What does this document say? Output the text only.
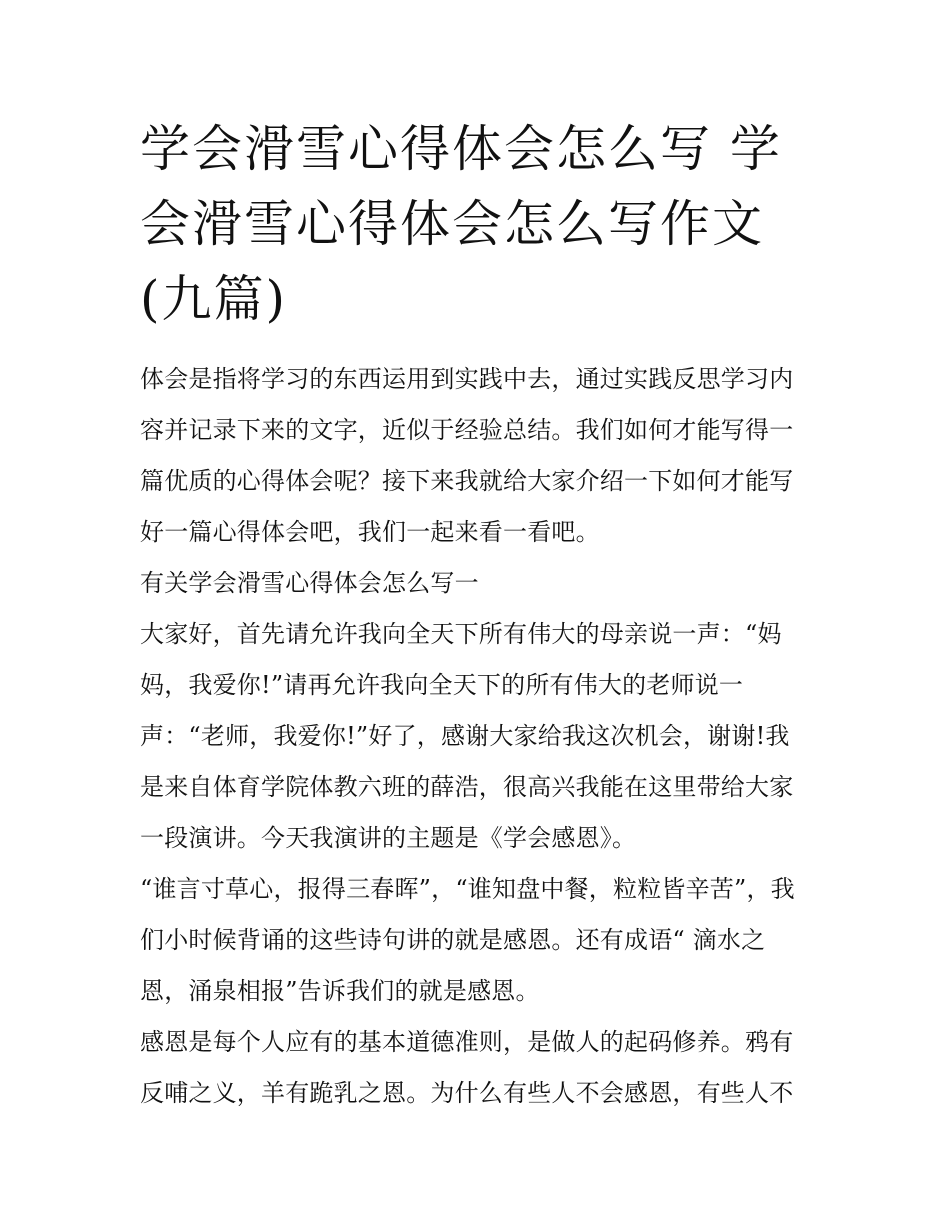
学会滑雪心得体会怎么写 学会滑雪心得体会怎么写作文(九篇)
体会是指将学习的东西运用到实践中去，通过实践反思学习内
容并记录下来的文字，近似于经验总结。我们如何才能写得一
篇优质的心得体会呢？接下来我就给大家介绍一下如何才能写
好一篇心得体会吧，我们一起来看一看吧。
有关学会滑雪心得体会怎么写一
大家好，首先请允许我向全天下所有伟大的母亲说一声：“妈
妈，我爱你!”请再允许我向全天下的所有伟大的老师说一
声：“老师，我爱你!”好了，感谢大家给我这次机会，谢谢!我
是来自体育学院体教六班的薛浩，很高兴我能在这里带给大家
一段演讲。今天我演讲的主题是《学会感恩》。
“谁言寸草心，报得三春晖”，“谁知盘中餐，粒粒皆辛苦”，我
们小时候背诵的这些诗句讲的就是感恩。还有成语“ 滴水之
恩，涌泉相报”告诉我们的就是感恩。
感恩是每个人应有的基本道德准则，是做人的起码修养。鸦有
反哺之义，羊有跪乳之恩。为什么有些人不会感恩，有些人不
